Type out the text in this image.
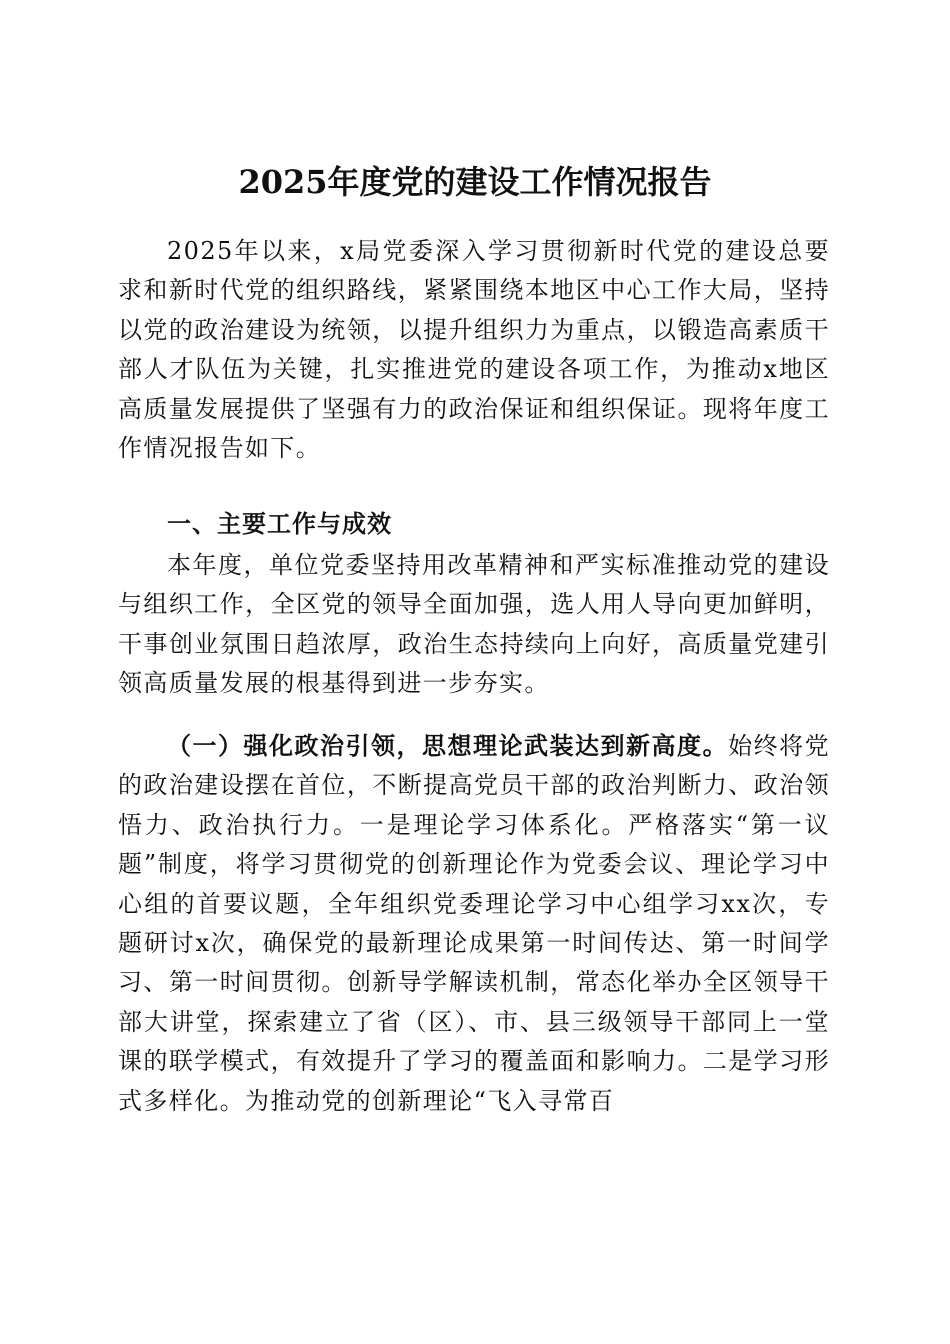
2025年度党的建设工作情况报告

2025年以来，x局党委深入学习贯彻新时代党的建设总要求和新时代党的组织路线，紧紧围绕本地区中心工作大局，坚持以党的政治建设为统领，以提升组织力为重点，以锻造高素质干部人才队伍为关键，扎实推进党的建设各项工作，为推动x地区高质量发展提供了坚强有力的政治保证和组织保证。现将年度工作情况报告如下。

一、主要工作与成效

本年度，单位党委坚持用改革精神和严实标准推动党的建设与组织工作，全区党的领导全面加强，选人用人导向更加鲜明，干事创业氛围日趋浓厚，政治生态持续向上向好，高质量党建引领高质量发展的根基得到进一步夯实。

（一）强化政治引领，思想理论武装达到新高度。始终将党的政治建设摆在首位，不断提高党员干部的政治判断力、政治领悟力、政治执行力。一是理论学习体系化。严格落实“第一议题”制度，将学习贯彻党的创新理论作为党委会议、理论学习中心组的首要议题，全年组织党委理论学习中心组学习xx次，专题研讨x次，确保党的最新理论成果第一时间传达、第一时间学习、第一时间贯彻。创新导学解读机制，常态化举办全区领导干部大讲堂，探索建立了省（区）、市、县三级领导干部同上一堂课的联学模式，有效提升了学习的覆盖面和影响力。二是学习形式多样化。为推动党的创新理论“飞入寻常百
